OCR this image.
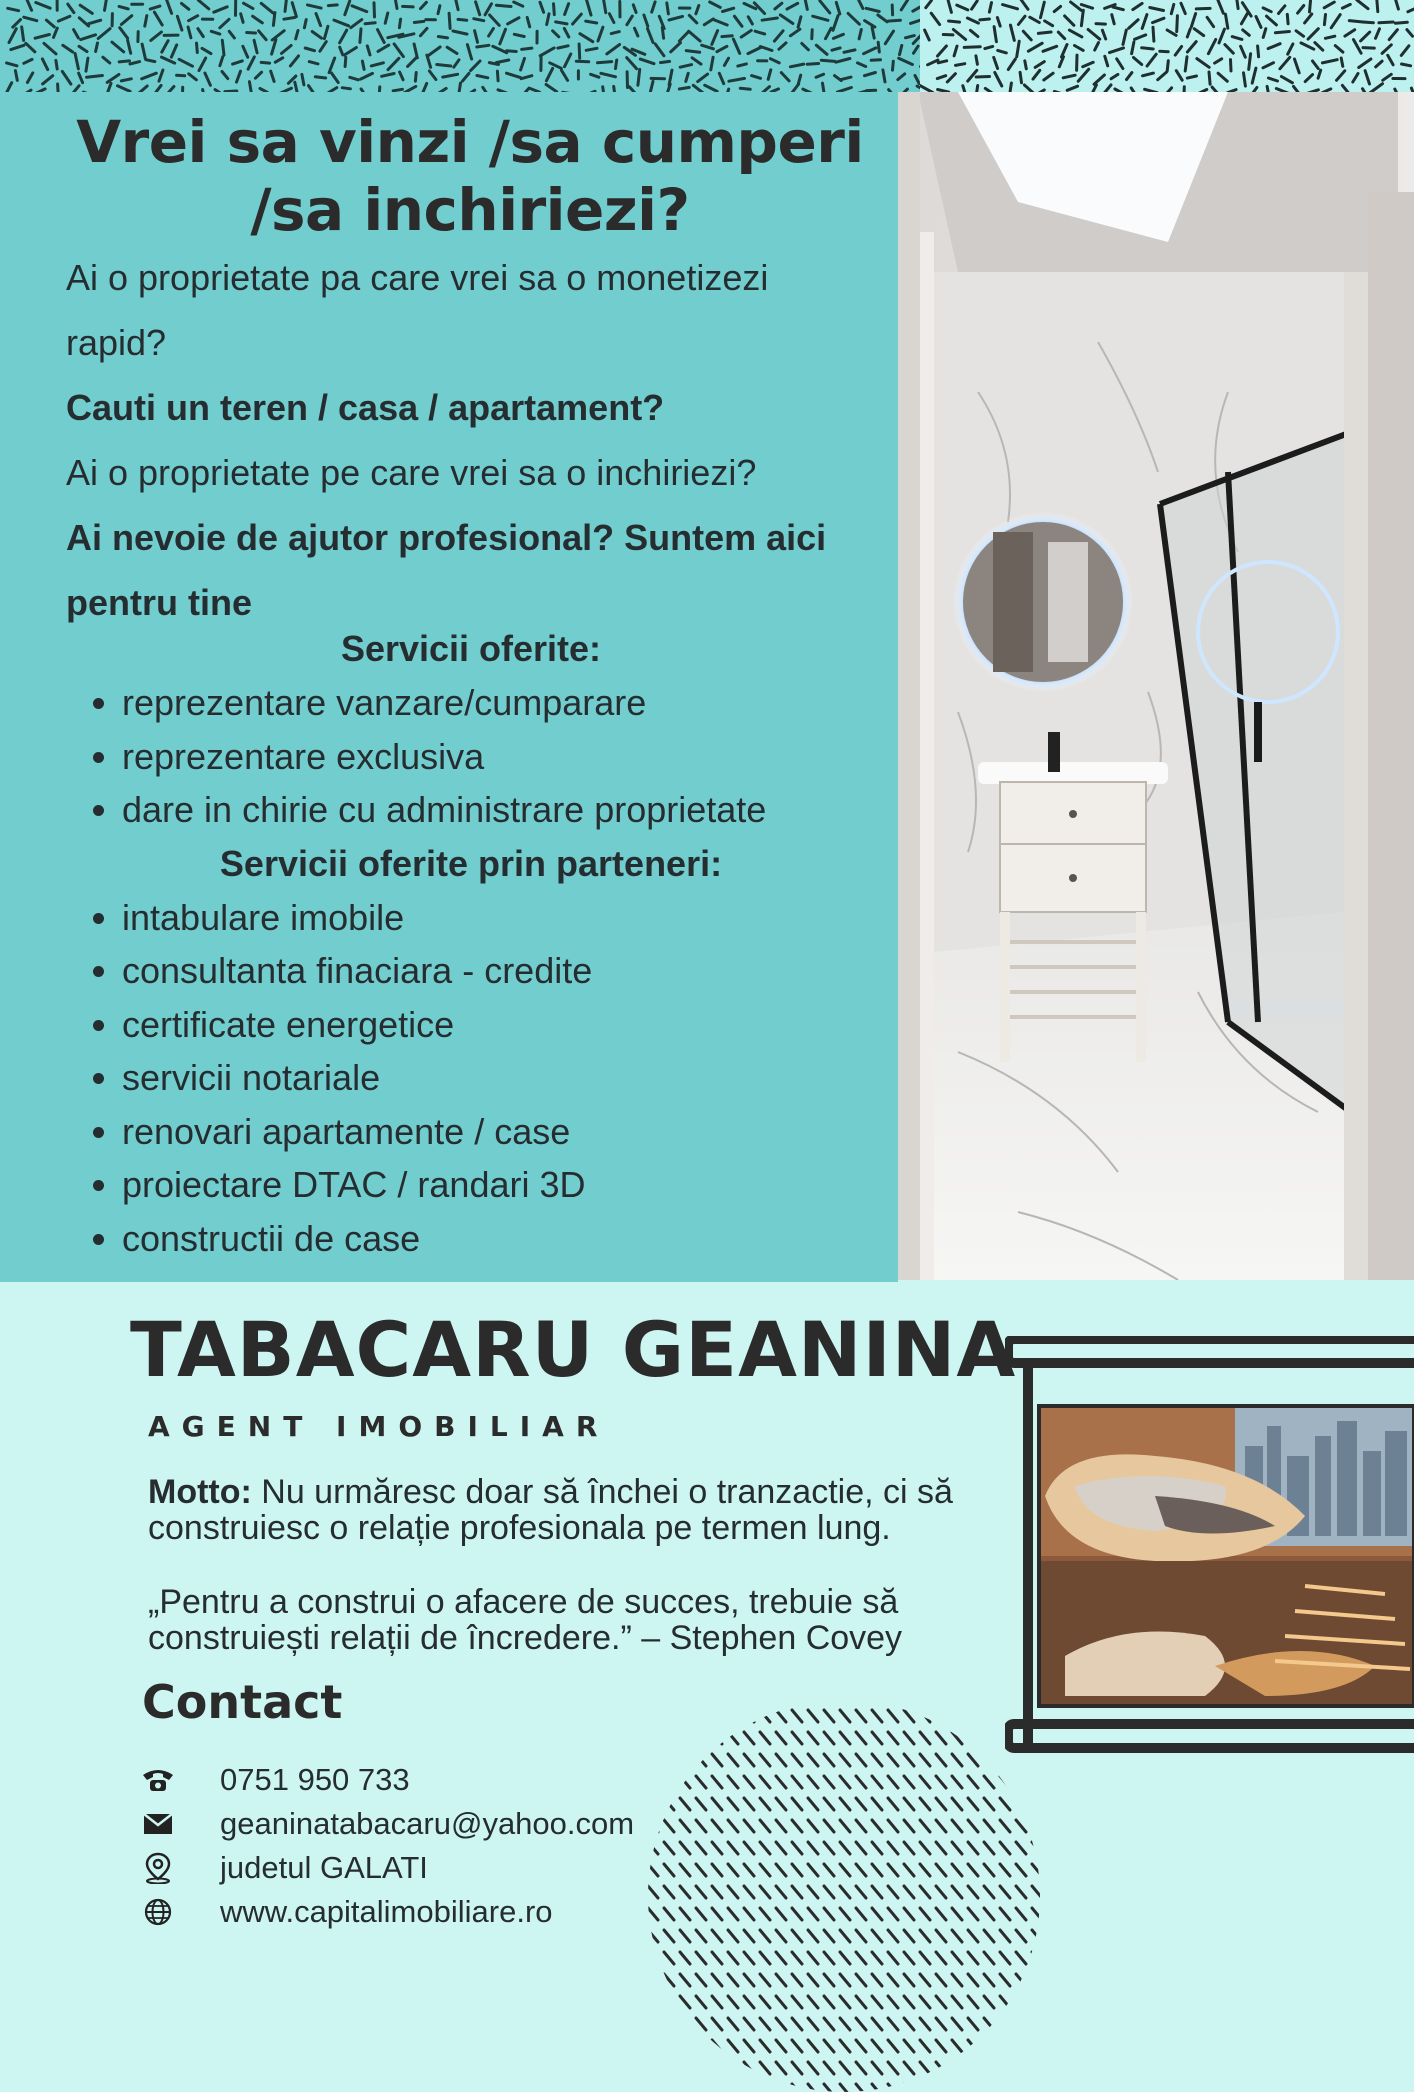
Vrei sa vinzi /sa cumperi /sa inchiriezi?

Ai o proprietate pa care vrei sa o monetizezi rapid?

Cauti un teren / casa / apartament?

Ai o proprietate pe care vrei sa o inchiriezi?

Ai nevoie de ajutor profesional? Suntem aici pentru tine

Servicii oferite:

• reprezentare vanzare/cumparare
• reprezentare exclusiva
• dare in chirie cu administrare proprietate

Servicii oferite prin parteneri:

• intabulare imobile
• consultanta finaciara - credite
• certificate energetice
• servicii notariale
• renovari apartamente / case
• proiectare DTAC / randari 3D
• constructii de case
TABACARU GEANINA
AGENT IMOBILIAR

Motto: Nu urmăresc doar să închei o tranzactie, ci să construiesc o relație profesionala pe termen lung.

„Pentru a construi o afacere de succes, trebuie să construiești relații de încredere.” – Stephen Covey

Contact
0751 950 733
geaninatabacaru@yahoo.com
judetul GALATI
www.capitalimobiliare.ro
